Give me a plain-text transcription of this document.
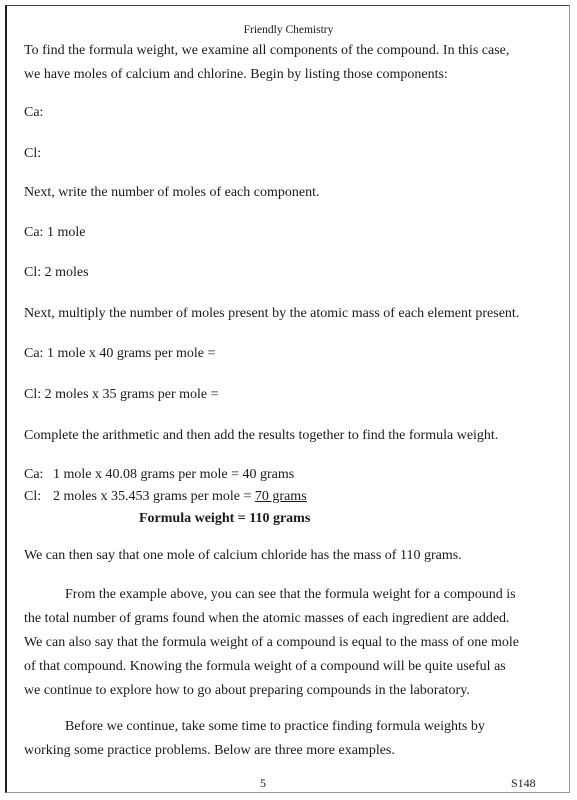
Friendly Chemistry
To find the formula weight, we examine all components of the compound. In this case,
we have moles of calcium and chlorine. Begin by listing those components:
Ca:
Cl:
Next, write the number of moles of each component.
Ca: 1 mole
Cl: 2 moles
Next, multiply the number of moles present by the atomic mass of each element present.
Ca: 1 mole x 40 grams per mole =
Cl: 2 moles x 35 grams per mole =
Complete the arithmetic and then add the results together to find the formula weight.
Ca: 1 mole x 40.08 grams per mole = 40 grams
Cl: 2 moles x 35.453 grams per mole = 70 grams
Formula weight = 110 grams
We can then say that one mole of calcium chloride has the mass of 110 grams.
From the example above, you can see that the formula weight for a compound is
the total number of grams found when the atomic masses of each ingredient are added.
We can also say that the formula weight of a compound is equal to the mass of one mole
of that compound. Knowing the formula weight of a compound will be quite useful as
we continue to explore how to go about preparing compounds in the laboratory.
Before we continue, take some time to practice finding formula weights by
working some practice problems. Below are three more examples.
5	S148
